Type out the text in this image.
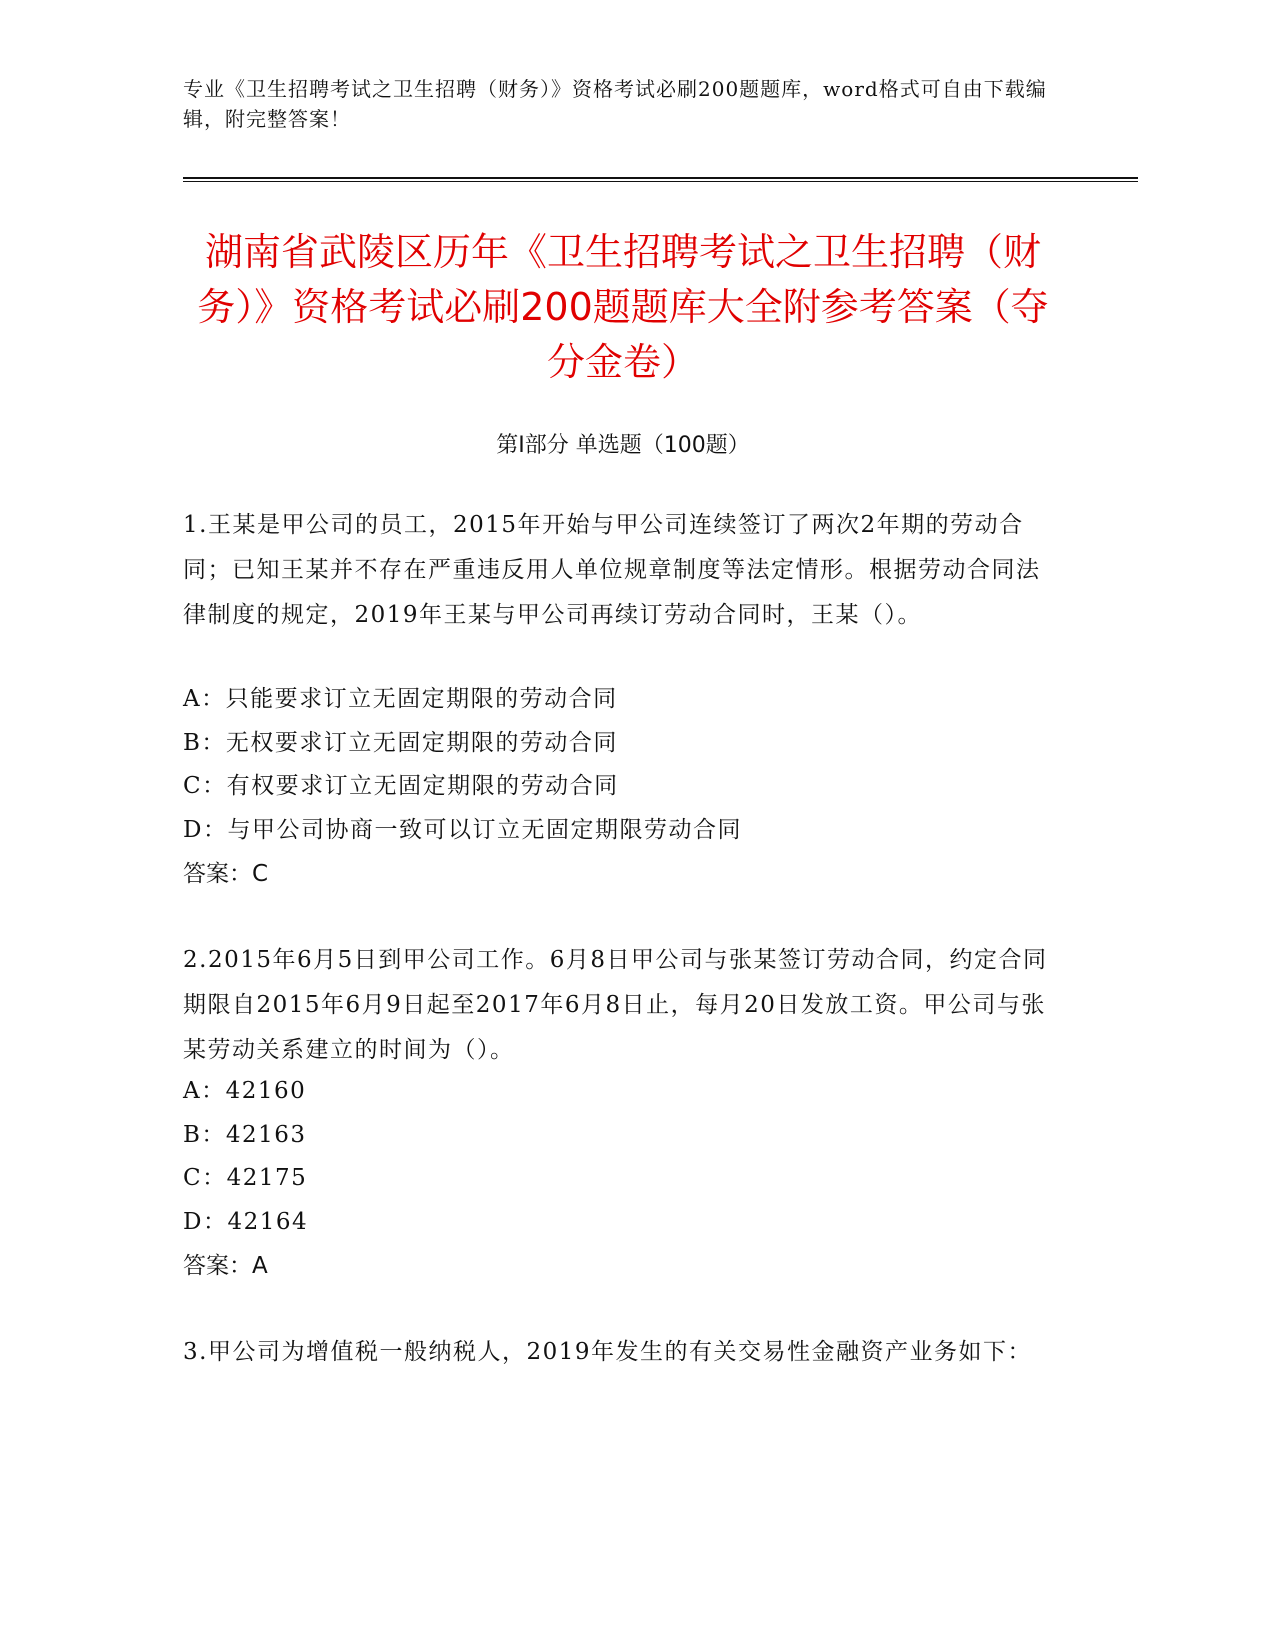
专业《卫生招聘考试之卫生招聘（财务）》资格考试必刷200题题库，word格式可自由下载编辑，附完整答案！
湖南省武陵区历年《卫生招聘考试之卫生招聘（财务）》资格考试必刷200题题库大全附参考答案（夺分金卷）
第Ⅰ部分 单选题（100题）
1.王某是甲公司的员工，2015年开始与甲公司连续签订了两次2年期的劳动合同；已知王某并不存在严重违反用人单位规章制度等法定情形。根据劳动合同法律制度的规定，2019年王某与甲公司再续订劳动合同时，王某（）。
A：只能要求订立无固定期限的劳动合同
B：无权要求订立无固定期限的劳动合同
C：有权要求订立无固定期限的劳动合同
D：与甲公司协商一致可以订立无固定期限劳动合同
答案：C
2.2015年6月5日到甲公司工作。6月8日甲公司与张某签订劳动合同，约定合同期限自2015年6月9日起至2017年6月8日止，每月20日发放工资。甲公司与张某劳动关系建立的时间为（）。
A：42160
B：42163
C：42175
D：42164
答案：A
3.甲公司为增值税一般纳税人，2019年发生的有关交易性金融资产业务如下：
